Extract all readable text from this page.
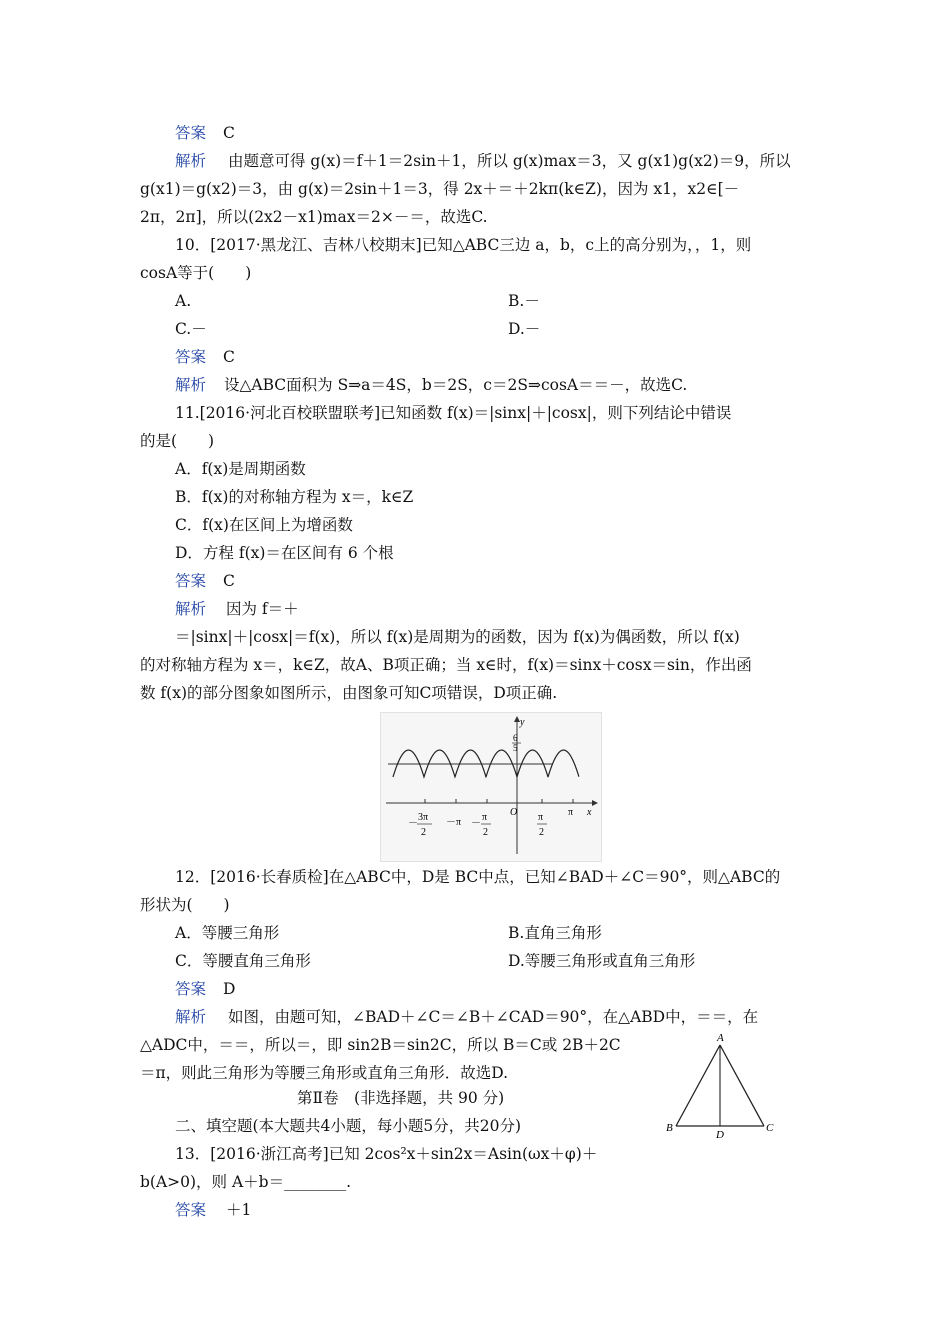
答案 C
解析 由题意可得 g(x)＝f＋1＝2sin＋1，所以 g(x)max＝3，又 g(x1)g(x2)＝9，所以
g(x1)＝g(x2)＝3，由 g(x)＝2sin＋1＝3，得 2x＋＝＋2kπ(k∈Z)，因为 x1，x2∈[－
2π，2π]，所以(2x2－x1)max＝2×－＝，故选C.
10．[2017·黑龙江、吉林八校期末]已知△ABC三边 a，b，c上的高分别为，，1，则
cosA等于(　　)
A.	B.－
C.－	D.－
答案 C
解析 设△ABC面积为 S⇒a＝4S，b＝2S，c＝2S⇒cosA＝＝－，故选C.
11.[2016·河北百校联盟联考]已知函数 f(x)＝|sinx|＋|cosx|，则下列结论中错误
的是(　　)
A．f(x)是周期函数
B．f(x)的对称轴方程为 x＝，k∈Z
C．f(x)在区间上为增函数
D．方程 f(x)＝在区间有 6 个根
答案 C
解析 因为 f＝＋
＝|sinx|＋|cosx|＝f(x)，所以 f(x)是周期为的函数，因为 f(x)为偶函数，所以 f(x)
的对称轴方程为 x＝，k∈Z，故A、B项正确；当 x∈时，f(x)＝sinx＋cosx＝sin，作出函
数 f(x)的部分图象如图所示，由图象可知C项错误，D项正确.
y
x
O
6
5
－
3π
2
－π －
π
2
π
2
π
12．[2016·长春质检]在△ABC中，D是 BC中点，已知∠BAD＋∠C＝90°，则△ABC的
形状为(　　)
A．等腰三角形	B.直角三角形
C．等腰直角三角形	D.等腰三角形或直角三角形
答案 D
解析 如图，由题可知，∠BAD＋∠C＝∠B＋∠CAD＝90°，在△ABD中，＝＝，在
△ADC中，＝＝，所以＝，即 sin2B＝sin2C，所以 B＝C或 2B＋2C
＝π，则此三角形为等腰三角形或直角三角形．故选D.
A
B	C
D
第Ⅱ卷　(非选择题，共 90 分)
二、填空题(本大题共4小题，每小题5分，共20分)
13．[2016·浙江高考]已知 2cos²x＋sin2x＝Asin(ωx＋φ)＋
b(A>0)，则 A＋b＝________.
答案 ＋1
